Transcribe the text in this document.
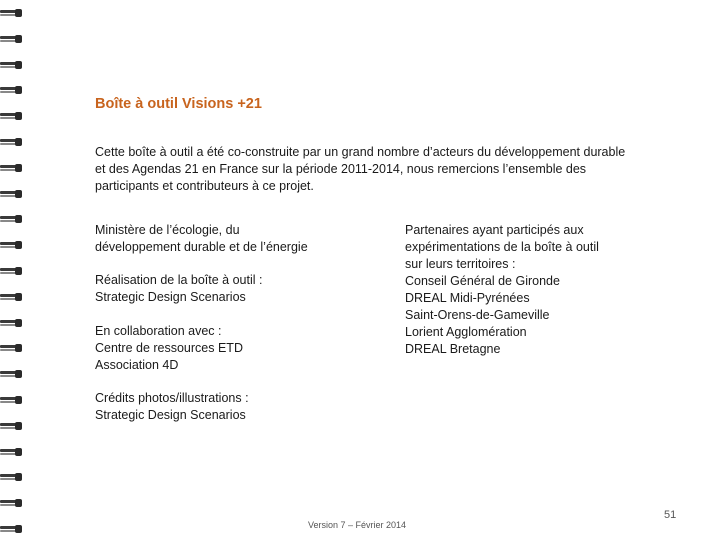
Boîte à outil Visions +21
Cette boîte à outil a été co-construite par un grand nombre d’acteurs du développement durable et des Agendas 21 en France sur la période 2011-2014, nous remercions l’ensemble des participants et contributeurs à ce projet.
Ministère de l’écologie, du
développement durable et de l’énergie
Réalisation de la boîte à outil :
Strategic Design Scenarios
En collaboration avec :
Centre de ressources ETD
Association 4D
Partenaires ayant participés aux
expérimentations de la boîte à outil
sur leurs territoires :
Conseil Général de Gironde
DREAL Midi-Pyrénées
Saint-Orens-de-Gameville
Lorient Agglomération
DREAL Bretagne
Crédits photos/illustrations :
Strategic Design Scenarios
Version 7 – Février 2014
51
